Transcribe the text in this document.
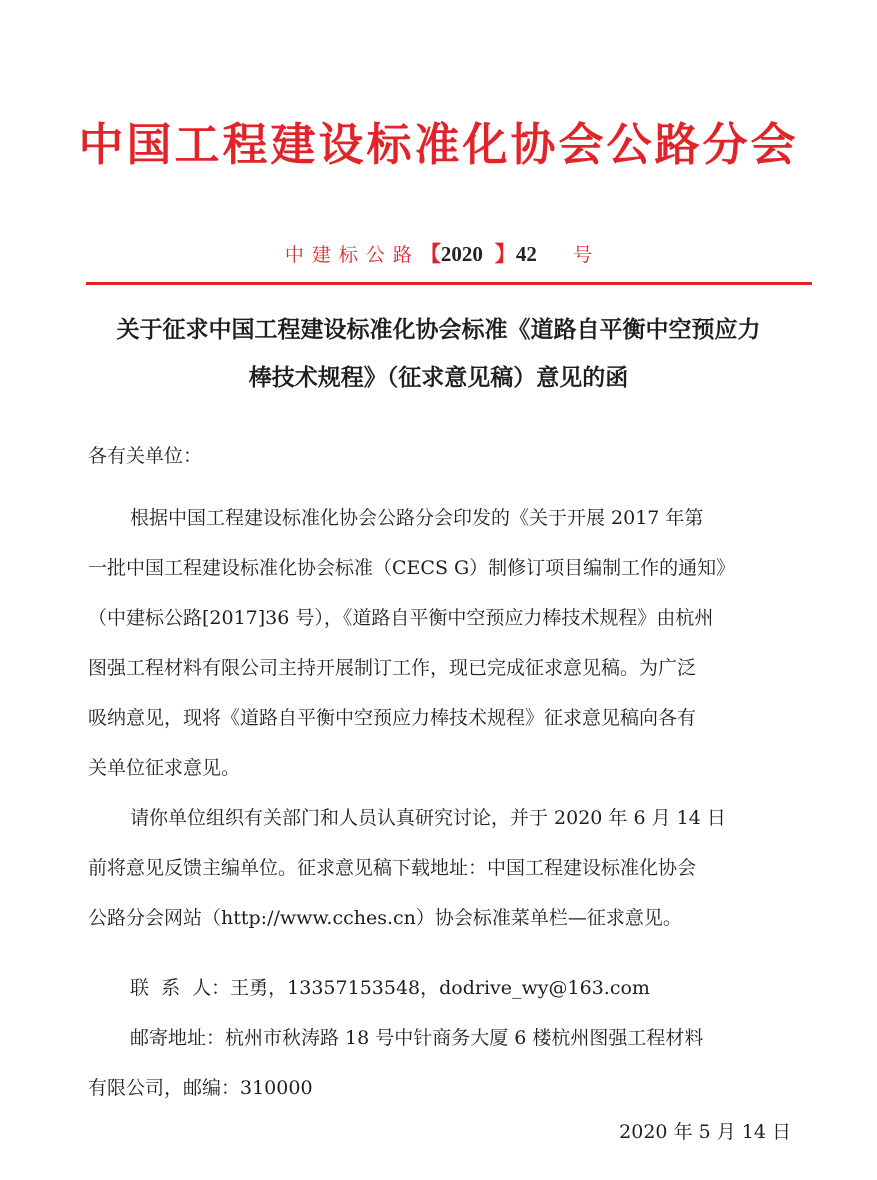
中国工程建设标准化协会公路分会
中建标公路【2020 】42 号
关于征求中国工程建设标准化协会标准《道路自平衡中空预应力
棒技术规程》（征求意见稿）意见的函
各有关单位：
根据中国工程建设标准化协会公路分会印发的《关于开展 2017 年第
一批中国工程建设标准化协会标准（CECS G）制修订项目编制工作的通知》
（中建标公路[2017]36 号），《道路自平衡中空预应力棒技术规程》由杭州
图强工程材料有限公司主持开展制订工作，现已完成征求意见稿。为广泛
吸纳意见，现将《道路自平衡中空预应力棒技术规程》征求意见稿向各有
关单位征求意见。
请你单位组织有关部门和人员认真研究讨论，并于 2020 年 6 月 14 日
前将意见反馈主编单位。征求意见稿下载地址：中国工程建设标准化协会
公路分会网站（http://www.cches.cn）协会标准菜单栏—征求意见。
联  系  人：王勇，13357153548，dodrive_wy@163.com
邮寄地址：杭州市秋涛路 18 号中针商务大厦 6 楼杭州图强工程材料
有限公司，邮编：310000
2020 年 5 月 14 日
